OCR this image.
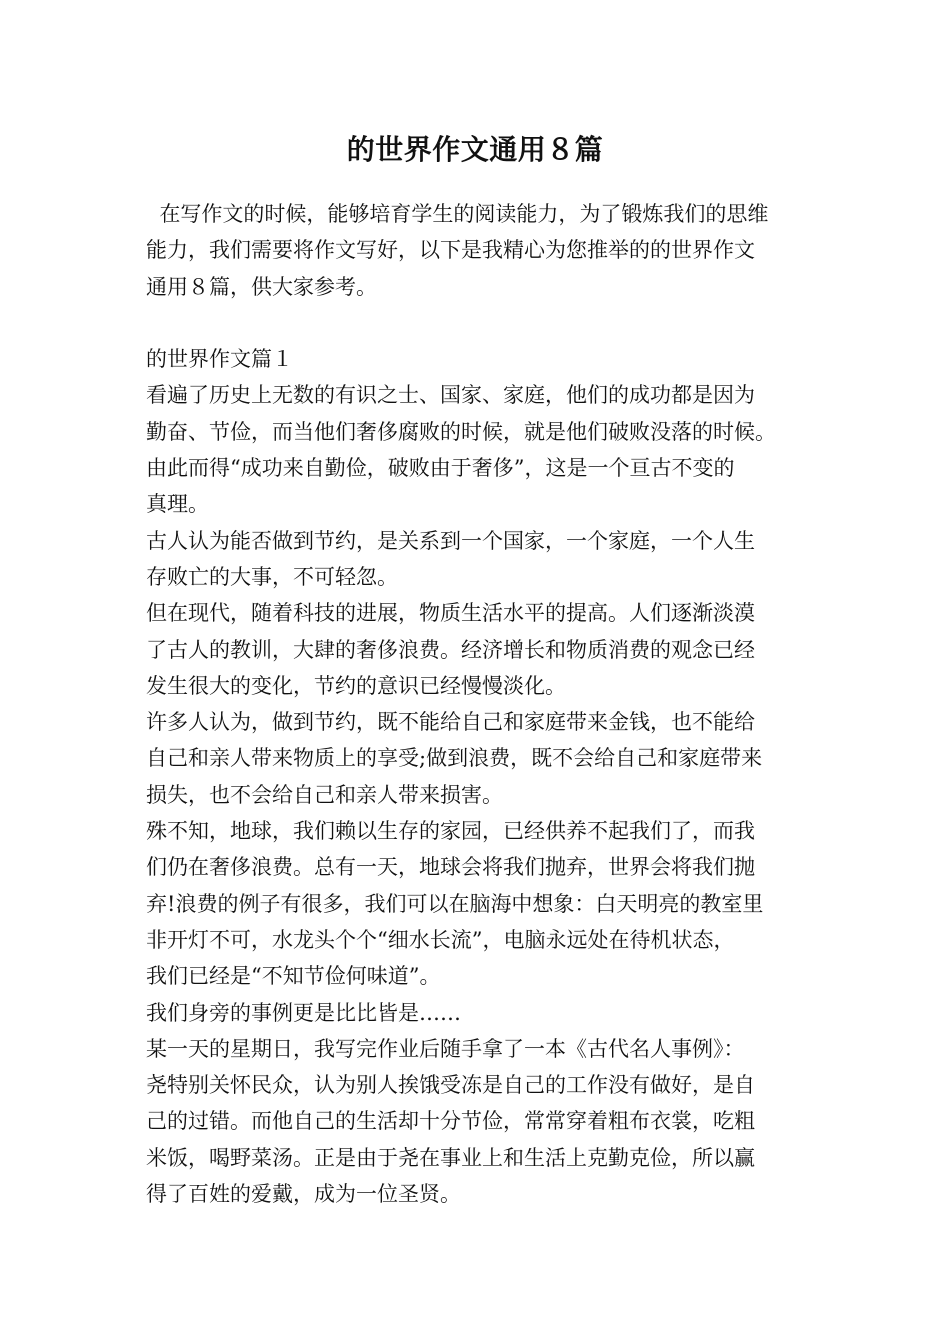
的世界作文通用８篇

在写作文的时候，能够培育学生的阅读能力，为了锻炼我们的思维

能力，我们需要将作文写好，以下是我精心为您推举的的世界作文

通用８篇，供大家参考。

的世界作文篇１

看遍了历史上无数的有识之士、国家、家庭，他们的成功都是因为

勤奋、节俭，而当他们奢侈腐败的时候，就是他们破败没落的时候。

由此而得“成功来自勤俭，破败由于奢侈”，这是一个亘古不变的

真理。

古人认为能否做到节约，是关系到一个国家，一个家庭，一个人生

存败亡的大事，不可轻忽。

但在现代，随着科技的进展，物质生活水平的提高。人们逐渐淡漠

了古人的教训，大肆的奢侈浪费。经济增长和物质消费的观念已经

发生很大的变化，节约的意识已经慢慢淡化。

许多人认为，做到节约，既不能给自己和家庭带来金钱，也不能给

自己和亲人带来物质上的享受;做到浪费，既不会给自己和家庭带来

损失，也不会给自己和亲人带来损害。

殊不知，地球，我们赖以生存的家园，已经供养不起我们了，而我

们仍在奢侈浪费。总有一天，地球会将我们抛弃，世界会将我们抛

弃!浪费的例子有很多，我们可以在脑海中想象：白天明亮的教室里

非开灯不可，水龙头个个“细水长流”，电脑永远处在待机状态，

我们已经是“不知节俭何味道”。

我们身旁的事例更是比比皆是……

某一天的星期日，我写完作业后随手拿了一本《古代名人事例》：

尧特别关怀民众，认为别人挨饿受冻是自己的工作没有做好，是自

己的过错。而他自己的生活却十分节俭，常常穿着粗布衣裳，吃粗

米饭，喝野菜汤。正是由于尧在事业上和生活上克勤克俭，所以赢

得了百姓的爱戴，成为一位圣贤。
